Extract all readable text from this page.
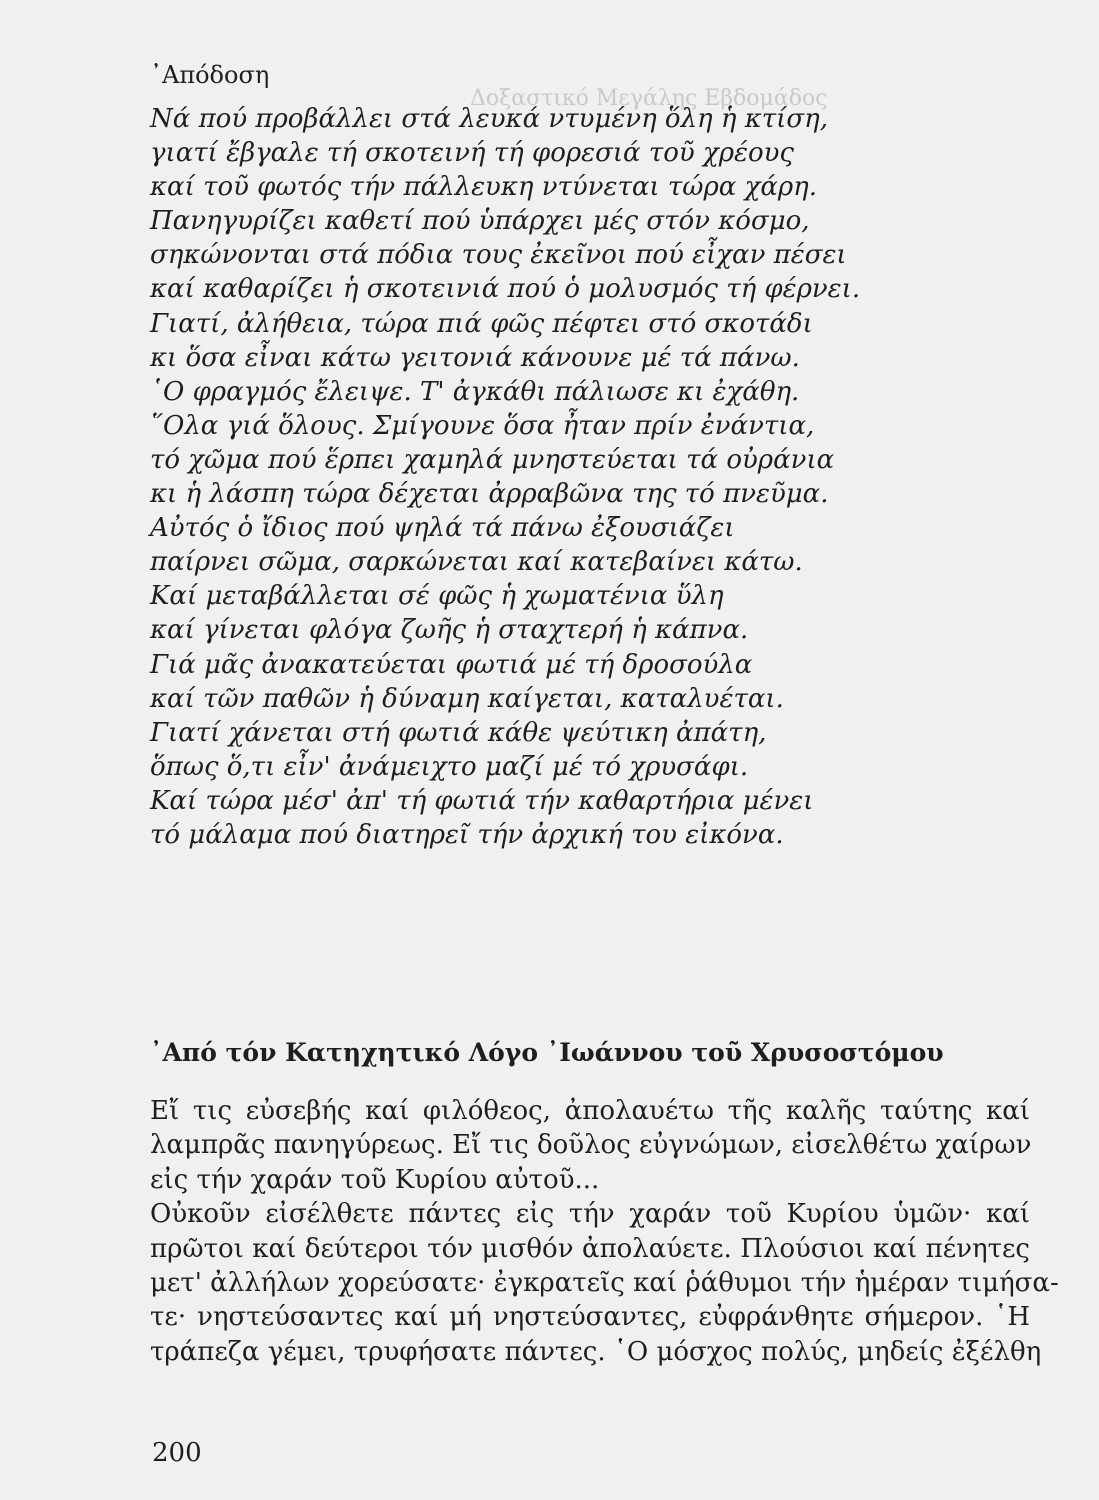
Δοξαστικό Μεγάλης Εβδομάδος
᾿Απόδοση
Νά πού προβάλλει στά λευκά ντυμένη ὅλη ἡ κτίση,
γιατί ἔβγαλε τή σκοτεινή τή φορεσιά τοῦ χρέους
καί τοῦ φωτός τήν πάλλευκη ντύνεται τώρα χάρη.
Πανηγυρίζει καθετί πού ὑπάρχει μές στόν κόσμο,
σηκώνονται στά πόδια τους ἐκεῖνοι πού εἶχαν πέσει
καί καθαρίζει ἡ σκοτεινιά πού ὁ μολυσμός τή φέρνει.
Γιατί, ἀλήθεια, τώρα πιά φῶς πέφτει στό σκοτάδι
κι ὅσα εἶναι κάτω γειτονιά κάνουνε μέ τά πάνω.
῾Ο φραγμός ἔλειψε. Τ' ἀγκάθι πάλιωσε κι ἐχάθη.
῞Ολα γιά ὅλους. Σμίγουνε ὅσα ἦταν πρίν ἐνάντια,
τό χῶμα πού ἕρπει χαμηλά μνηστεύεται τά οὐράνια
κι ἡ λάσπη τώρα δέχεται ἀρραβῶνα της τό πνεῦμα.
Αὐτός ὁ ἴδιος πού ψηλά τά πάνω ἐξουσιάζει
παίρνει σῶμα, σαρκώνεται καί κατεβαίνει κάτω.
Καί μεταβάλλεται σέ φῶς ἡ χωματένια ὕλη
καί γίνεται φλόγα ζωῆς ἡ σταχτερή ἡ κάπνα.
Γιά μᾶς ἀνακατεύεται φωτιά μέ τή δροσούλα
καί τῶν παθῶν ἡ δύναμη καίγεται, καταλυέται.
Γιατί χάνεται στή φωτιά κάθε ψεύτικη ἀπάτη,
ὅπως ὅ,τι εἶν' ἀνάμειχτο μαζί μέ τό χρυσάφι.
Καί τώρα μέσ' ἀπ' τή φωτιά τήν καθαρτήρια μένει
τό μάλαμα πού διατηρεῖ τήν ἀρχική του εἰκόνα.
᾿Από τόν Κατηχητικό Λόγο ᾿Ιωάννου τοῦ Χρυσοστόμου
Εἴ τις εὐσεβής καί φιλόθεος, ἀπολαυέτω τῆς καλῆς ταύτης καί
λαμπρᾶς πανηγύρεως. Εἴ τις δοῦλος εὐγνώμων, εἰσελθέτω χαίρων
εἰς τήν χαράν τοῦ Κυρίου αὐτοῦ...
Οὐκοῦν εἰσέλθετε πάντες εἰς τήν χαράν τοῦ Κυρίου ὑμῶν· καί
πρῶτοι καί δεύτεροι τόν μισθόν ἀπολαύετε. Πλούσιοι καί πένητες
μετ' ἀλλήλων χορεύσατε· ἐγκρατεῖς καί ῥάθυμοι τήν ἡμέραν τιμήσα-
τε· νηστεύσαντες καί μή νηστεύσαντες, εὐφράνθητε σήμερον. ῾Η
τράπεζα γέμει, τρυφήσατε πάντες. ῾Ο μόσχος πολύς, μηδείς ἐξέλθη
200
